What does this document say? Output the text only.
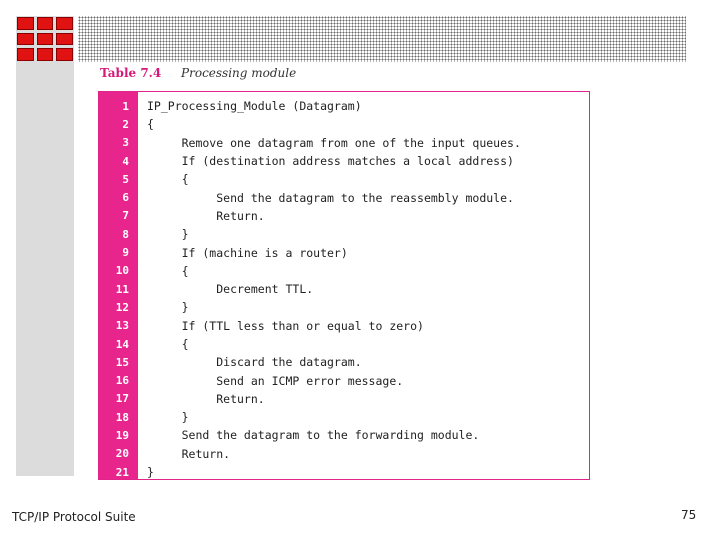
Table 7.4 Processing module
1	IP_Processing_Module (Datagram)
2	{
3	Remove one datagram from one of the input queues.
4	If (destination address matches a local address)
5	{
6	Send the datagram to the reassembly module.
7	Return.
8	}
9	If (machine is a router)
10	{
11	Decrement TTL.
12	}
13	If (TTL less than or equal to zero)
14	{
15	Discard the datagram.
16	Send an ICMP error message.
17	Return.
18	}
19	Send the datagram to the forwarding module.
20	Return.
21	}
TCP/IP Protocol Suite	75
